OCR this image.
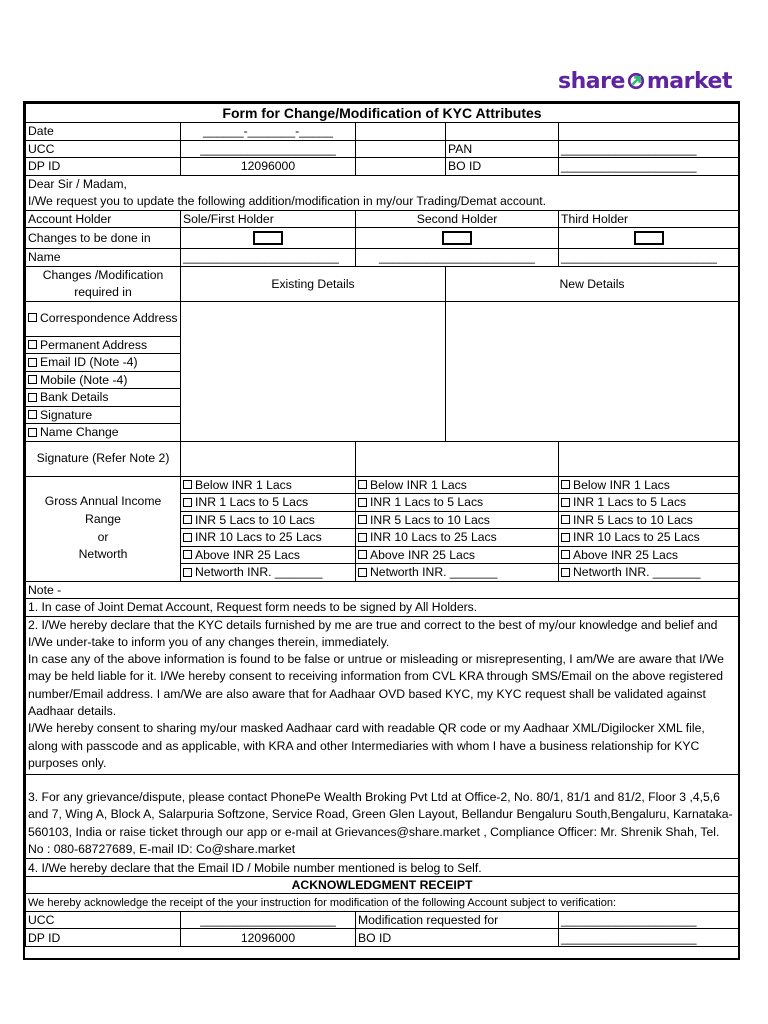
share market
Form for Change/Modification of KYC Attributes				
Date	______-_______-_____			
UCC	____________________		PAN	____________________
DP ID	12096000		BO ID	____________________

Dear Sir / Madam,
I/We request you to update the following addition/modification in my/our Trading/Demat account.				

Account Holder	Sole/First Holder	Second Holder		Third Holder
Changes to be done in				
Name	_______________________	_______________________		_______________________
Changes /Modification required in	Existing Details		New Details	
Correspondence Address				
Permanent Address				
Email ID (Note -4)				
Mobile (Note -4)				
Bank Details				
Signature				
Name Change				
Signature (Refer Note 2)				

Gross Annual Income
Range
or
Networth	Below INR 1 Lacs	Below INR 1 Lacs		Below INR 1 Lacs
	INR 1 Lacs to 5 Lacs	INR 1 Lacs to 5 Lacs		INR 1 Lacs to 5 Lacs
	INR 5 Lacs to 10 Lacs	INR 5 Lacs to 10 Lacs		INR 5 Lacs to 10 Lacs
	INR 10 Lacs to 25 Lacs	INR 10 Lacs to 25 Lacs		INR 10 Lacs to 25 Lacs
	Above INR 25 Lacs	Above INR 25 Lacs		Above INR 25 Lacs
	Networth INR. _______	Networth INR. _______		Networth INR. _______
Note -				
1. In case of Joint Demat Account, Request form needs to be signed by All Holders.				
2. I/We hereby declare that the KYC details furnished by me are true and correct to the best of my/our knowledge and belief and I/We under-take to inform you of any changes therein, immediately.
In case any of the above information is found to be false or untrue or misleading or misrepresenting, I am/We are aware that I/We may be held liable for it. I/We hereby consent to receiving information from CVL KRA through SMS/Email on the above registered number/Email address. I am/We are also aware that for Aadhaar OVD based KYC, my KYC request shall be validated against Aadhaar details.
I/We hereby consent to sharing my/our masked Aadhaar card with readable QR code or my Aadhaar XML/Digilocker XML file, along with passcode and as applicable, with KRA and other Intermediaries with whom I have a business relationship for KYC purposes only.				
3. For any grievance/dispute, please contact PhonePe Wealth Broking Pvt Ltd at Office-2, No. 80/1, 81/1 and 81/2, Floor 3 ,4,5,6 and 7, Wing A, Block A, Salarpuria Softzone, Service Road, Green Glen Layout, Bellandur Bengaluru South,Bengaluru, Karnataka- 560103, India or raise ticket through our app or e-mail at Grievances@share.market , Compliance Officer: Mr. Shrenik Shah, Tel. No : 080-68727689, E-mail ID: Co@share.market				
4. I/We hereby declare that the Email ID / Mobile number mentioned is belog to Self.				
ACKNOWLEDGMENT RECEIPT				
We hereby acknowledge the receipt of the your instruction for modification of the following Account subject to verification:				
UCC	____________________	Modification requested for		____________________
DP ID	12096000	BO ID		____________________
